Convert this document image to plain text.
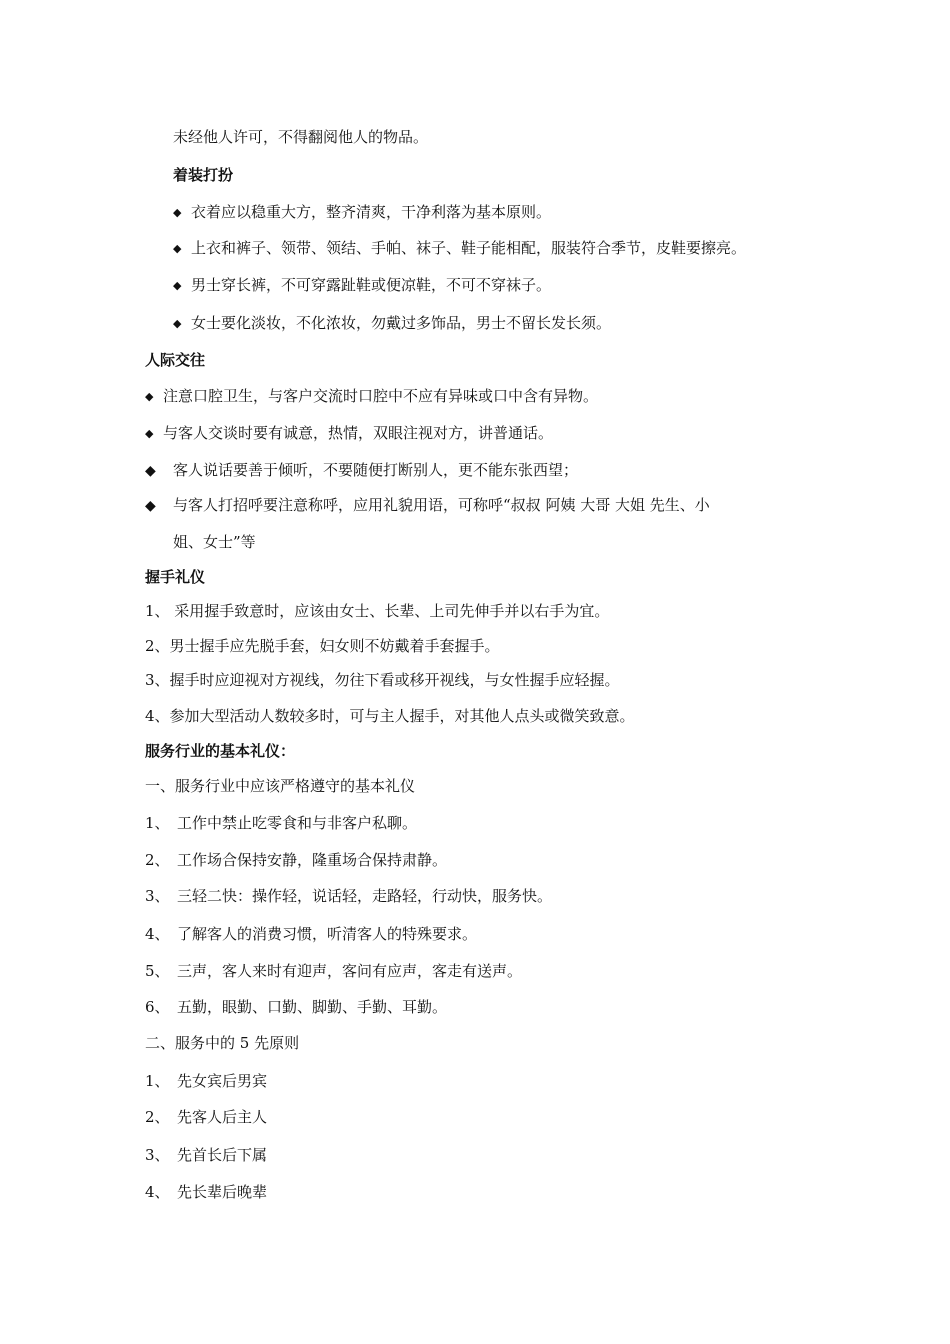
未经他人许可，不得翻阅他人的物品。
着装打扮
◆ 衣着应以稳重大方，整齐清爽，干净利落为基本原则。
◆ 上衣和裤子、领带、领结、手帕、袜子、鞋子能相配，服装符合季节，皮鞋要擦亮。
◆ 男士穿长裤，不可穿露趾鞋或便凉鞋，不可不穿袜子。
◆ 女士要化淡妆，不化浓妆，勿戴过多饰品，男士不留长发长须。
人际交往
◆ 注意口腔卫生，与客户交流时口腔中不应有异味或口中含有异物。
◆ 与客人交谈时要有诚意，热情，双眼注视对方，讲普通话。
◆ 客人说话要善于倾听，不要随便打断别人，更不能东张西望；
◆ 与客人打招呼要注意称呼，应用礼貌用语，可称呼“叔叔 阿姨 大哥 大姐 先生、小
姐、女士”等
握手礼仪
1、 采用握手致意时，应该由女士、长辈、上司先伸手并以右手为宜。
2、男士握手应先脱手套，妇女则不妨戴着手套握手。
3、握手时应迎视对方视线，勿往下看或移开视线，与女性握手应轻握。
4、参加大型活动人数较多时，可与主人握手，对其他人点头或微笑致意。
服务行业的基本礼仪：
一、服务行业中应该严格遵守的基本礼仪
1、 工作中禁止吃零食和与非客户私聊。
2、 工作场合保持安静，隆重场合保持肃静。
3、 三轻二快：操作轻，说话轻，走路轻，行动快，服务快。
4、 了解客人的消费习惯，听清客人的特殊要求。
5、 三声，客人来时有迎声，客问有应声，客走有送声。
6、 五勤，眼勤、口勤、脚勤、手勤、耳勤。
二、服务中的 5 先原则
1、 先女宾后男宾
2、 先客人后主人
3、 先首长后下属
4、 先长辈后晚辈
